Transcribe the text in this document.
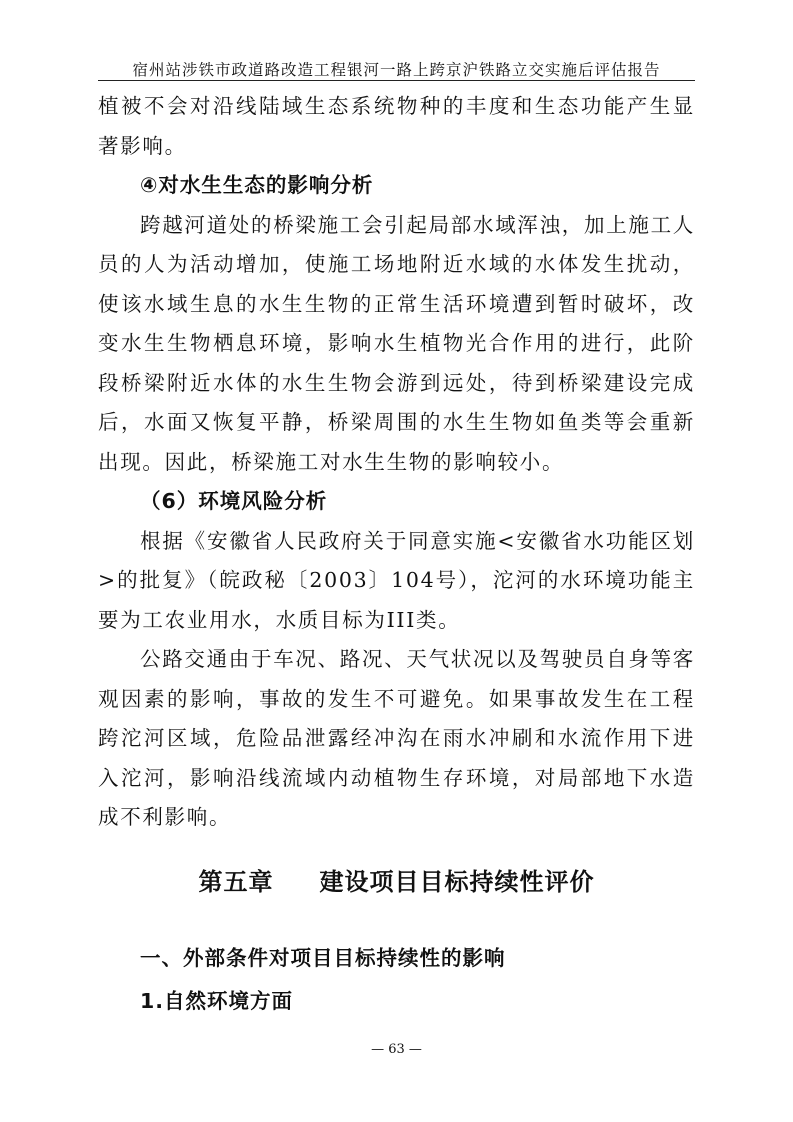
宿州站涉铁市政道路改造工程银河一路上跨京沪铁路立交实施后评估报告

植被不会对沿线陆域生态系统物种的丰度和生态功能产生显著影响。

④对水生生态的影响分析

跨越河道处的桥梁施工会引起局部水域浑浊，加上施工人员的人为活动增加，使施工场地附近水域的水体发生扰动，使该水域生息的水生生物的正常生活环境遭到暂时破坏，改变水生生物栖息环境，影响水生植物光合作用的进行，此阶段桥梁附近水体的水生生物会游到远处，待到桥梁建设完成后，水面又恢复平静，桥梁周围的水生生物如鱼类等会重新出现。因此，桥梁施工对水生生物的影响较小。

（6）环境风险分析

根据《安徽省人民政府关于同意实施<安徽省水功能区划>的批复》（皖政秘〔2003〕104号），沱河的水环境功能主要为工农业用水，水质目标为III类。

公路交通由于车况、路况、天气状况以及驾驶员自身等客观因素的影响，事故的发生不可避免。如果事故发生在工程跨沱河区域，危险品泄露经冲沟在雨水冲刷和水流作用下进入沱河，影响沿线流域内动植物生存环境，对局部地下水造成不利影响。

第五章 建设项目目标持续性评价

一、外部条件对项目目标持续性的影响

1.自然环境方面

— 63 —
